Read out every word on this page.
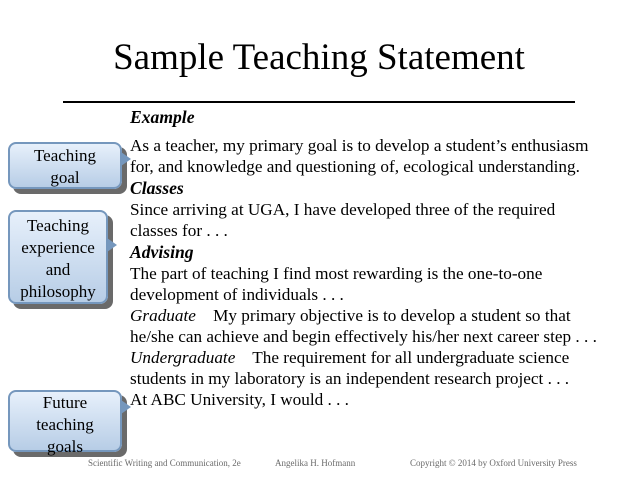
Sample Teaching Statement
Teaching
goal
Teaching
experience
and
philosophy
Future
teaching
goals
Example
As a teacher, my primary goal is to develop a student’s enthusiasm
for, and knowledge and questioning of, ecological understanding.
Classes
Since arriving at UGA, I have developed three of the required
classes for . . .
Advising
The part of teaching I find most rewarding is the one-to-one
development of individuals . . .
Graduate My primary objective is to develop a student so that
he/she can achieve and begin effectively his/her next career step . . .
Undergraduate The requirement for all undergraduate science
students in my laboratory is an independent research project . . .
At ABC University, I would . . .
Scientific Writing and Communication, 2e	Angelika H. Hofmann	Copyright © 2014 by Oxford University Press
